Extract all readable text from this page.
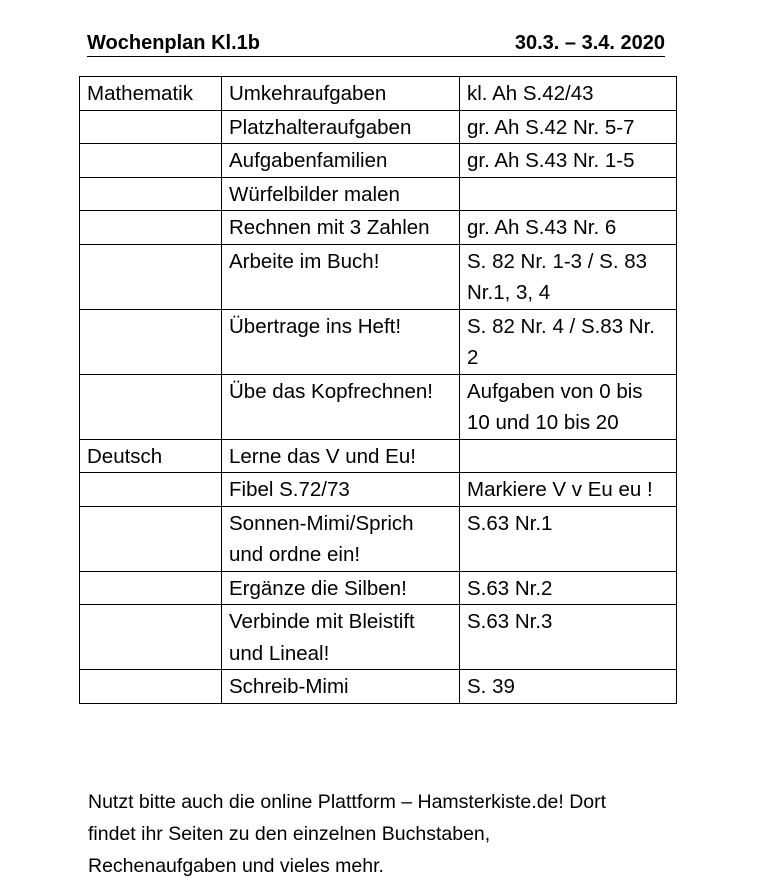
Wochenplan Kl.1b	30.3. – 3.4. 2020
Mathematik	Umkehraufgaben	kl. Ah S.42/43
	Platzhalteraufgaben	gr. Ah S.42 Nr. 5-7
	Aufgabenfamilien	gr. Ah S.43 Nr. 1-5
	Würfelbilder malen	
	Rechnen mit 3 Zahlen	gr. Ah S.43 Nr. 6
	Arbeite im Buch!	S. 82 Nr. 1-3 / S. 83 Nr.1, 3, 4
	Übertrage ins Heft!	S. 82 Nr. 4 / S.83 Nr. 2
	Übe das Kopfrechnen!	Aufgaben von 0 bis 10 und 10 bis 20
Deutsch	Lerne das V und Eu!	
	Fibel S.72/73	Markiere V v Eu eu !
	Sonnen-Mimi/Sprich und ordne ein!	S.63 Nr.1
	Ergänze die Silben!	S.63 Nr.2
	Verbinde mit Bleistift und Lineal!	S.63 Nr.3
	Schreib-Mimi	S. 39
Nutzt bitte auch die online Plattform – Hamsterkiste.de! Dort
findet ihr Seiten zu den einzelnen Buchstaben,
Rechenaufgaben und vieles mehr.
